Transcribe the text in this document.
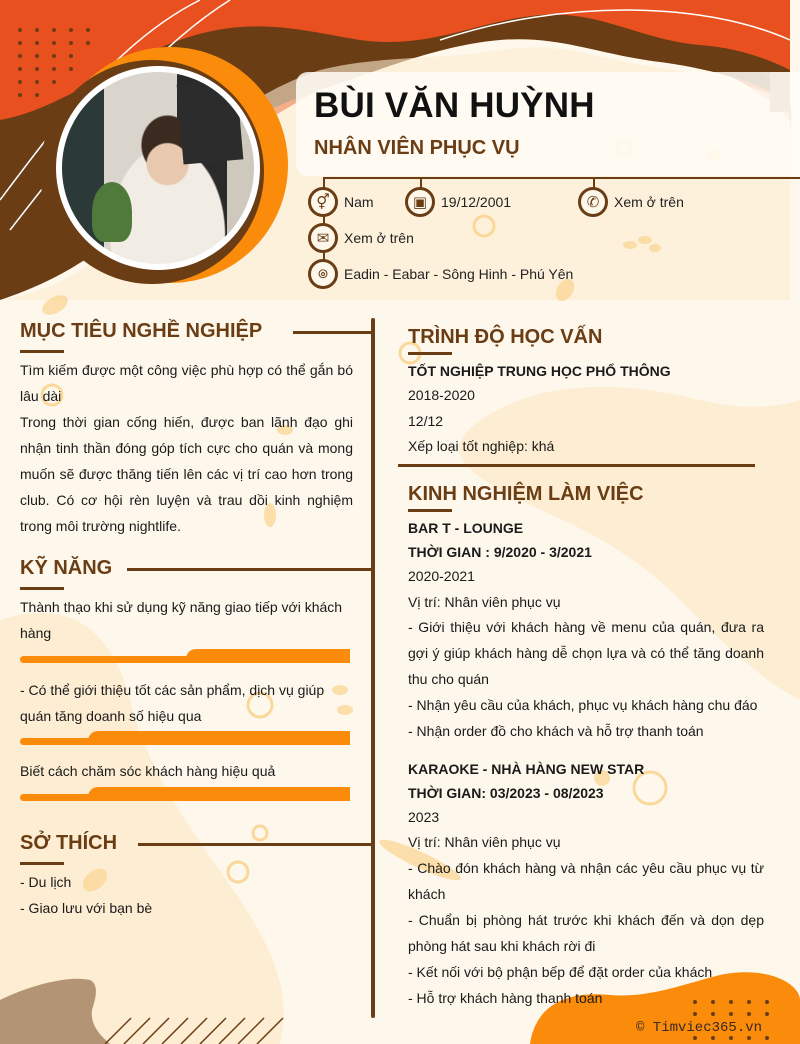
BÙI VĂN HUỲNH
NHÂN VIÊN PHỤC VỤ
⚥	Nam	▣ 19/12/2001	✆	Xem ở trên
✉	Xem ở trên
⌾	Eadin - Eabar - Sông Hinh - Phú Yên
MỤC TIÊU NGHỀ NGHIỆP
Tìm kiếm được một công việc phù hợp có thể gắn bó lâu dài
Trong thời gian cống hiến, được ban lãnh đạo ghi nhận tinh thần đóng góp tích cực cho quán và mong muốn sẽ được thăng tiến lên các vị trí cao hơn trong club. Có cơ hội rèn luyện và trau dồi kinh nghiệm trong môi trường nightlife.
KỸ NĂNG
Thành thạo khi sử dụng kỹ năng giao tiếp với khách hàng
- Có thể giới thiệu tốt các sản phẩm, dịch vụ giúp quán tăng doanh số hiệu qua
Biết cách chăm sóc khách hàng hiệu quả
SỞ THÍCH
- Du lịch
- Giao lưu với bạn bè
TRÌNH ĐỘ HỌC VẤN
TỐT NGHIỆP TRUNG HỌC PHỔ THÔNG
2018-2020
12/12
Xếp loại tốt nghiệp: khá
KINH NGHIỆM LÀM VIỆC
BAR T - LOUNGE
THỜI GIAN : 9/2020 - 3/2021
2020-2021
Vị trí: Nhân viên phục vụ
- Giới thiệu với khách hàng về menu của quán, đưa ra gợi ý giúp khách hàng dễ chọn lựa và có thể tăng doanh thu cho quán
- Nhận yêu cầu của khách, phục vụ khách hàng chu đáo
- Nhận order đồ cho khách và hỗ trợ thanh toán
KARAOKE - NHÀ HÀNG NEW STAR
THỜI GIAN: 03/2023 - 08/2023
2023
Vị trí: Nhân viên phục vụ
- Chào đón khách hàng và nhận các yêu cầu phục vụ từ khách
- Chuẩn bị phòng hát trước khi khách đến và dọn dẹp phòng hát sau khi khách rời đi
- Kết nối với bộ phận bếp để đặt order của khách
- Hỗ trợ khách hàng thanh toán
© Timviec365.vn
